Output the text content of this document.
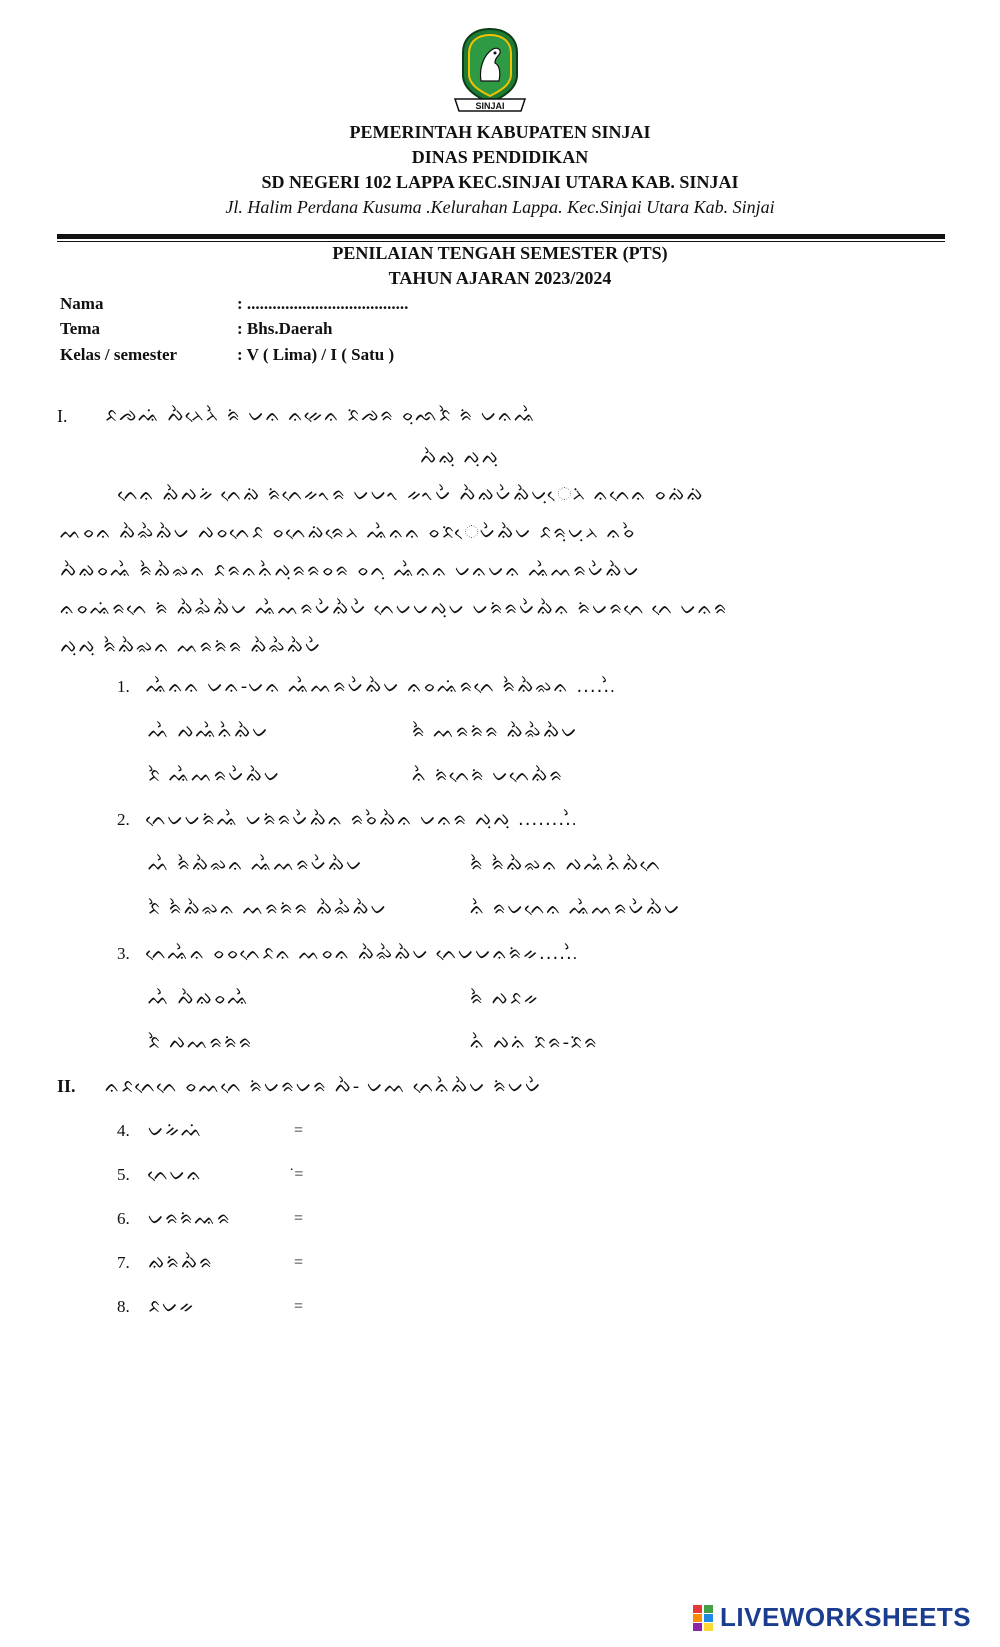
SINJAI
PEMERINTAH KABUPATEN SINJAI
DINAS PENDIDIKAN
SD NEGERI 102 LAPPA KEC.SINJAI UTARA KAB. SINJAI
Jl. Halim Perdana Kusuma .Kelurahan Lappa. Kec.Sinjai Utara Kab. Sinjai
PENILAIAN TENGAH SEMESTER (PTS)
TAHUN AJARAN 2023/2024
Nama	: ......................................
Tema	: Bhs.Daerah
Kelas / semester	: V ( Lima) / I ( Satu )
I. ᨅᨌᨕᨗ ᨄᨛᨂᨙᨂᨛ ᨑᨗ ᨆᨊ ᨊᨀᨙᨊ ᨅᨗᨌᨑ ᨔᨘᨒᨅᨛ ᨑᨗ ᨆᨊᨕᨛ
ᨄᨛᨁᨘ ᨄᨘᨄᨘ
ᨈᨙᨊ ᨁᨛᨄᨀᨗ ᨈᨙᨁᨗ ᨑᨗᨈᨙᨀᨚᨑ ᨆᨆᨚ ᨀᨚᨆᨛ ᨄᨛᨁᨆᨛᨁᨛᨆᨘᨙᨂᨗ ᨊᨈᨙᨊ ᨔᨁᨗᨁᨗ
ᨓᨔᨊ ᨁᨛᨋᨛᨁᨛᨆ ᨄᨔᨈᨙᨅ ᨔᨈᨙᨁᨗᨑᨙᨂ ᨕᨛᨊᨊ ᨔᨅᨗᨙᨆᨛᨁᨛᨆ ᨅᨑᨘᨆᨘᨂ ᨊᨔᨛ
ᨄᨛᨁᨔᨕᨛ ᨑᨛᨁᨛᨋᨊ ᨅᨑᨊᨊᨛᨄᨘᨑᨑᨔᨑ ᨔᨈᨘ ᨕᨛᨊᨊ ᨆᨊᨆᨊ ᨕᨛᨓᨑᨆᨛᨁᨛᨆ
ᨊᨔᨕᨗᨑᨈᨙ ᨑᨗ ᨁᨛᨋᨛᨁᨛᨆ ᨕᨛᨓᨑᨆᨛᨁᨛᨆᨛ ᨈᨙᨆᨆᨄᨘᨆ ᨆᨑᨗᨑᨆᨛᨁᨛᨊ ᨑᨗᨆᨑᨈᨙ ᨈᨙ ᨆᨊᨑ
ᨄᨘᨄᨘ ᨑᨛᨁᨛᨋᨊ ᨓᨑᨑᨗᨑ ᨁᨛᨋᨛᨁᨛᨆᨛ
1. ᨕᨛᨊᨊ ᨆᨊ-ᨆᨊ ᨕᨛᨓᨑᨆᨛᨁᨛᨆ ᨊᨔᨕᨗᨑᨈᨙ ᨑᨛᨁᨛᨋᨊ ......ᨛ
ᨓᨛ ᨄᨕᨛᨊᨛᨁᨛᨆ	ᨑᨛ ᨓᨑᨑᨗᨑ ᨁᨛᨋᨛᨁᨛᨆ
ᨅᨛ ᨕᨛᨓᨑᨆᨛᨁᨛᨆ	ᨊᨛ ᨑᨗᨈᨙᨑᨗ ᨆᨈᨙᨁᨛᨑ
2. ᨈᨙᨆᨆᨑᨗᨕᨛ ᨆᨑᨗᨑᨆᨛᨁᨛᨊ ᨑᨔᨛᨁᨛᨊ ᨆᨊᨑ ᨄᨘᨄᨘ .........ᨛ
ᨓᨛ ᨑᨛᨁᨛᨋᨊ ᨕᨛᨓᨑᨆᨛᨁᨛᨆ	ᨑᨛ ᨑᨛᨁᨛᨋᨊ ᨄᨕᨛᨊᨛᨁᨛᨈᨙ
ᨅᨛ ᨑᨛᨁᨛᨋᨊ ᨓᨑᨑᨗᨑ ᨁᨛᨋᨛᨁᨛᨆ	ᨊᨛ ᨑᨆᨈᨙᨊ ᨕᨛᨓᨑᨆᨛᨁᨛᨆ
3. ᨈᨙᨕᨛᨊ ᨔᨔᨈᨙᨅᨊ ᨓᨔᨊ ᨁᨛᨋᨛᨁᨛᨆ ᨈᨙᨆᨆᨊᨑᨗᨀ......ᨛ
ᨓᨛ ᨄᨛᨁᨔᨕᨛ	ᨑᨛ ᨄᨅᨀ
ᨅᨛ ᨄᨓᨑᨑᨗᨑ	ᨊᨛ ᨄᨊᨗ ᨅᨗᨑ-ᨅᨗᨑ
II. ᨊᨅᨈᨙᨈᨙ ᨔᨓᨈᨙ ᨑᨗᨆᨑᨆᨑ ᨄᨛ- ᨆᨓ ᨈᨙᨊᨛᨁᨛᨆ ᨑᨗᨆᨆᨛ
4. ᨆᨀᨗᨓᨗ	=
5. ᨈᨙᨆᨊ	˙=
6. ᨆᨑᨑᨗᨕᨑ	=
7. ᨁᨑᨗᨁᨛᨑ	=
8. ᨅᨆᨀ	=
LIVEWORKSHEETS
